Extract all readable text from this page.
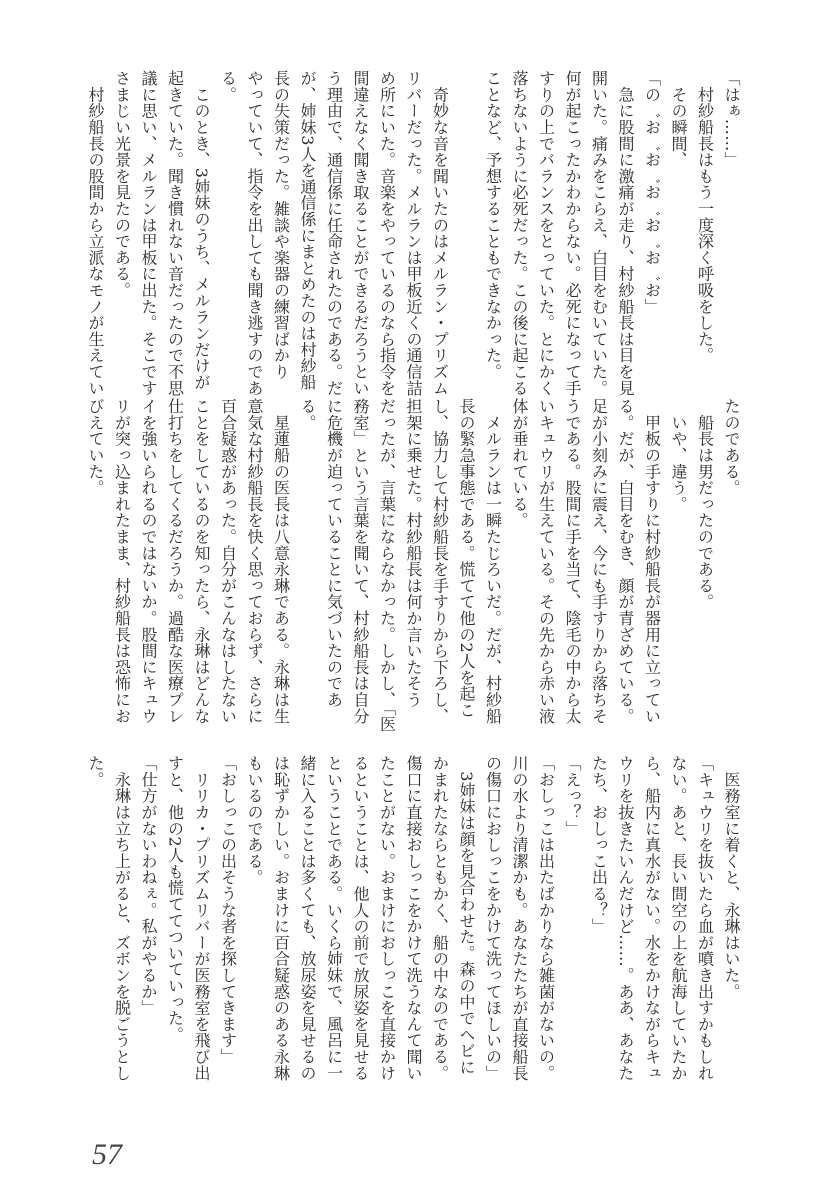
「はぁ……」
　村紗船長はもう一度深く呼吸をした。
　その瞬間、
「の゛お゛お゛お゛お゛お゛お」
　急に股間に激痛が走り、村紗船長は目を見
開いた。痛みをこらえ、白目をむいていた。
何が起こったかわからない。必死になって手
すりの上でバランスをとっていた。とにかく
落ちないように必死だった。この後に起こる
ことなど、予想することもできなかった。

　奇妙な音を聞いたのはメルラン・プリズム
リバーだった。メルランは甲板近くの通信詰
め所にいた。音楽をやっているのなら指令を
間違えなく聞き取ることができるだろうとい
う理由で、通信係に任命されたのである。だ
が、姉妹3人を通信係にまとめたのは村紗船
長の失策だった。雑談や楽器の練習ばかり
やっていて、指令を出しても聞き逃すのであ
る。
　このとき、3姉妹のうち、メルランだけが
起きていた。聞き慣れない音だったので不思
議に思い、メルランは甲板に出た。そこです
さまじい光景を見たのである。
　村紗船長の股間から立派なモノが生えてい
たのである。
　船長は男だったのである。
　いや、違う。
　甲板の手すりに村紗船長が器用に立ってい
る。だが、白目をむき、顔が青ざめている。
足が小刻みに震え、今にも手すりから落ちそ
うである。股間に手を当て、陰毛の中から太
いキュウリが生えている。その先から赤い液
体が垂れている。
　メルランは一瞬たじろいだ。だが、村紗船
長の緊急事態である。慌てて他の2人を起こ
し、協力して村紗船長を手すりから下ろし、
担架に乗せた。村紗船長は何か言いたそう
だったが、言葉にならなかった。しかし、「医
務室」という言葉を聞いて、村紗船長は自分
に危機が迫っていることに気づいたのであ
る。
　星蓮船の医長は八意永琳である。永琳は生
意気な村紗船長を快く思っておらず、さらに
百合疑惑があった。自分がこんなはしたない
ことをしているのを知ったら、永琳はどんな
仕打ちをしてくるだろうか。過酷な医療プレ
イを強いられるのではないか。股間にキュウ
リが突っ込まれたまま、村紗船長は恐怖にお
びえていた。
　医務室に着くと、永琳はいた。
「キュウリを抜いたら血が噴き出すかもしれ
ない。あと、長い間空の上を航海していたか
ら、船内に真水がない。水をかけながらキュ
ウリを抜きたいんだけど……。ああ、あなた
たち、おしっこ出る？」
「えっ？」
「おしっこは出たばかりなら雑菌がないの。
川の水より清潔かも。あなたたちが直接船長
の傷口におしっこをかけて洗ってほしいの」
　3姉妹は顔を見合わせた。森の中でヘビに
かまれたならともかく、船の中なのである。
傷口に直接おしっこをかけて洗うなんて聞い
たことがない。おまけにおしっこを直接かけ
るということは、他人の前で放尿姿を見せる
ということである。いくら姉妹で、風呂に一
緒に入ることは多くても、放尿姿を見せるの
は恥ずかしい。おまけに百合疑惑のある永琳
もいるのである。
「おしっこの出そうな者を探してきます」
　リリカ・プリズムリバーが医務室を飛び出
すと、他の2人も慌ててついていった。
「仕方がないわねぇ。私がやるか」
　永琳は立ち上がると、ズボンを脱ごうとし
た。
57
